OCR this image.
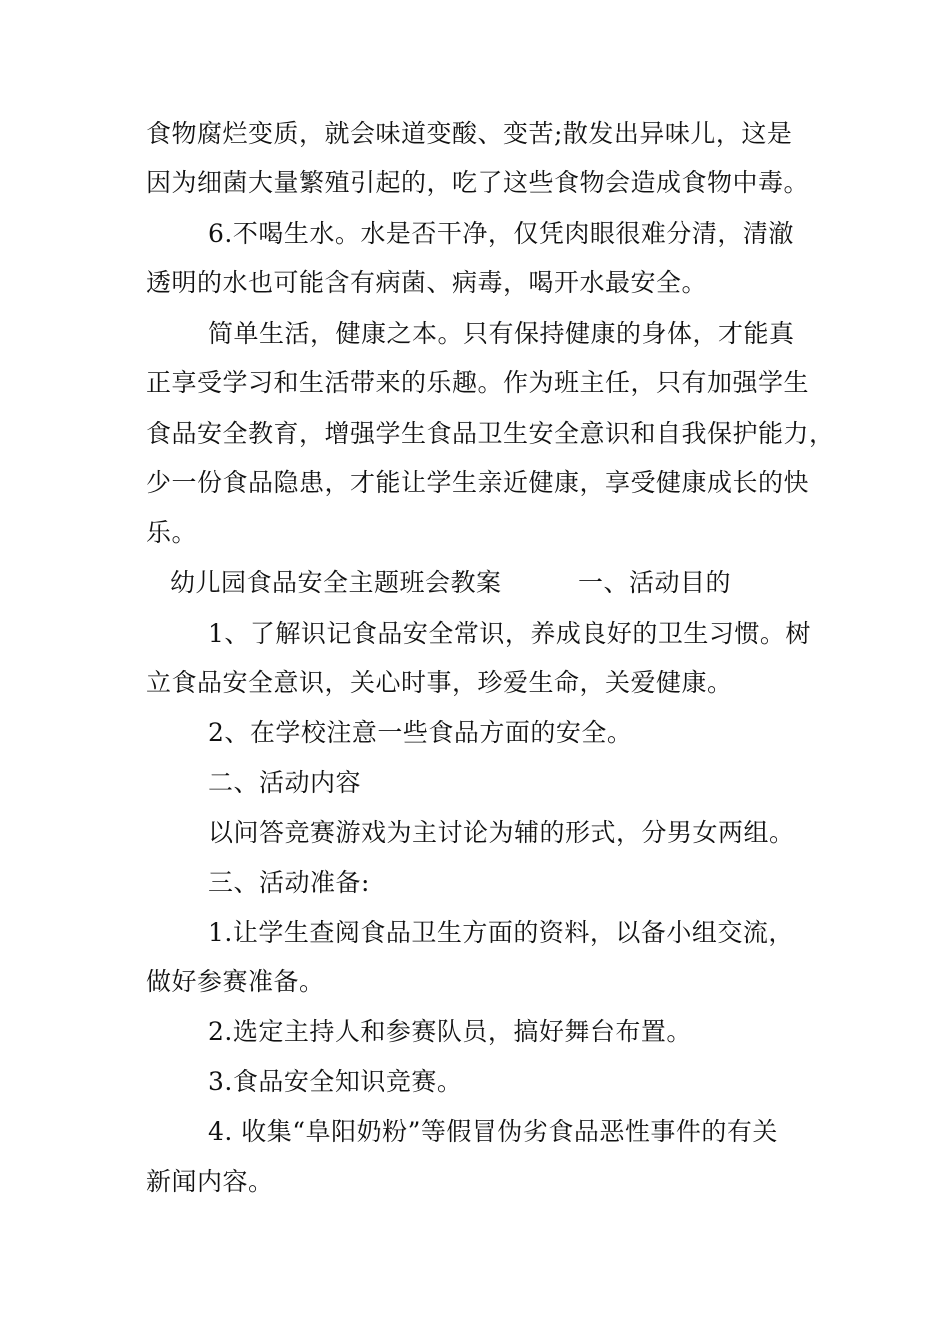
食物腐烂变质，就会味道变酸、变苦;散发出异味儿，这是
因为细菌大量繁殖引起的，吃了这些食物会造成食物中毒。
6.不喝生水。水是否干净，仅凭肉眼很难分清，清澈
透明的水也可能含有病菌、病毒，喝开水最安全。
简单生活，健康之本。只有保持健康的身体，才能真
正享受学习和生活带来的乐趣。作为班主任，只有加强学生
食品安全教育，增强学生食品卫生安全意识和自我保护能力，
少一份食品隐患，才能让学生亲近健康，享受健康成长的快
乐。
幼儿园食品安全主题班会教案	一、活动目的
1、了解识记食品安全常识，养成良好的卫生习惯。树
立食品安全意识，关心时事，珍爱生命，关爱健康。
2、在学校注意一些食品方面的安全。
二、活动内容
以问答竞赛游戏为主讨论为辅的形式，分男女两组。
三、活动准备:
1.让学生查阅食品卫生方面的资料，以备小组交流，
做好参赛准备。
2.选定主持人和参赛队员，搞好舞台布置。
3.食品安全知识竞赛。
4. 收集“阜阳奶粉”等假冒伪劣食品恶性事件的有关
新闻内容。
